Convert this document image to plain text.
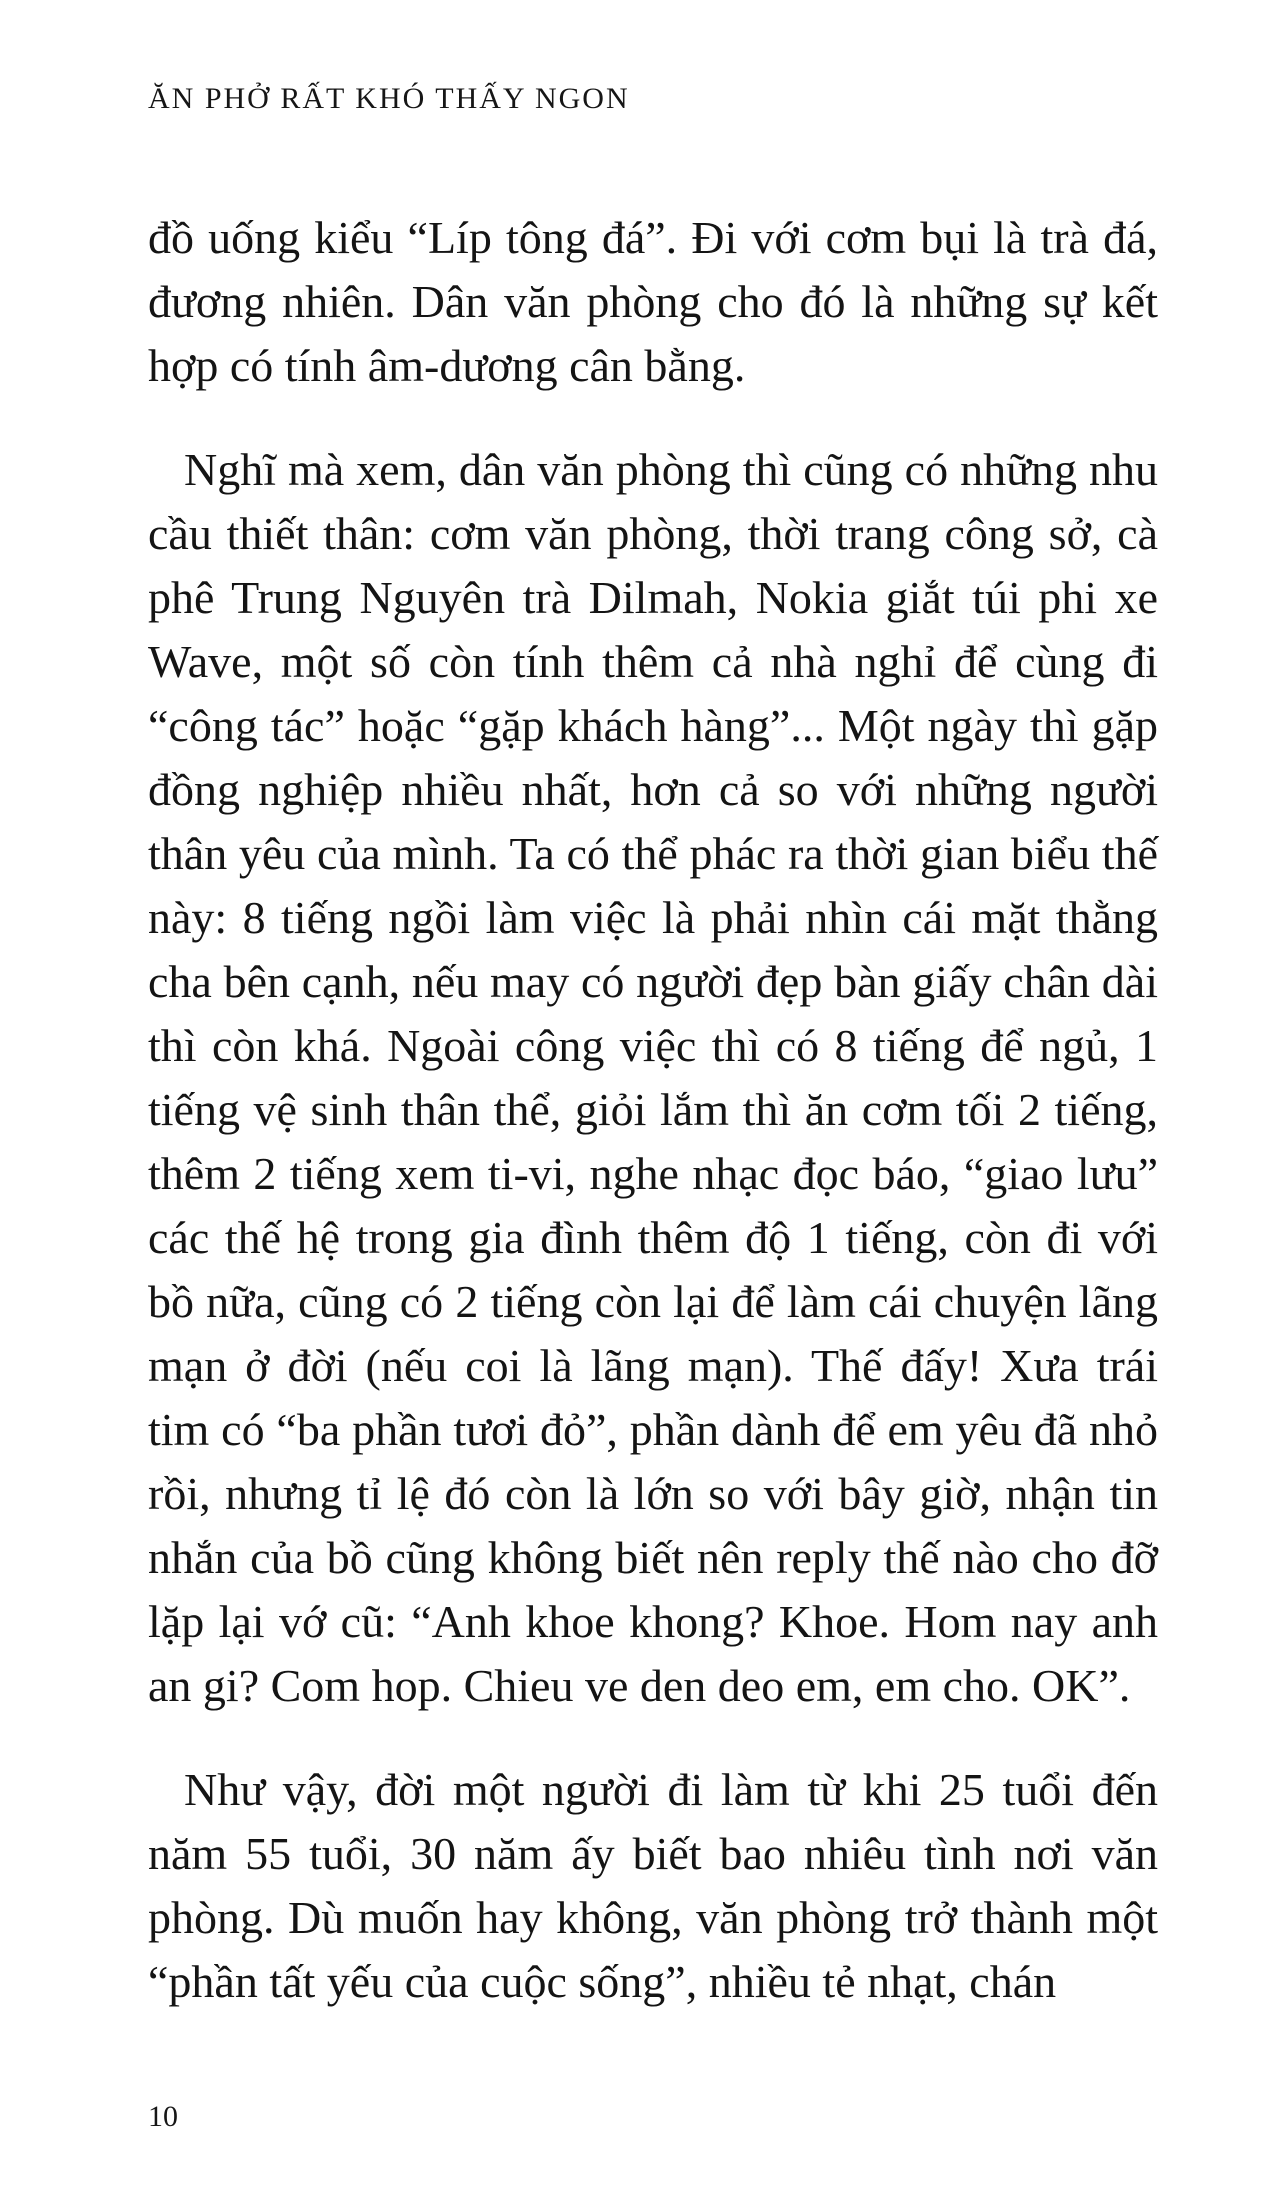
ĂN PHỞ RẤT KHÓ THẤY NGON

đồ uống kiểu “Líp tông đá”. Đi với cơm bụi là trà đá, đương nhiên. Dân văn phòng cho đó là những sự kết hợp có tính âm-dương cân bằng.

Nghĩ mà xem, dân văn phòng thì cũng có những nhu cầu thiết thân: cơm văn phòng, thời trang công sở, cà phê Trung Nguyên trà Dilmah, Nokia giắt túi phi xe Wave, một số còn tính thêm cả nhà nghỉ để cùng đi “công tác” hoặc “gặp khách hàng”... Một ngày thì gặp đồng nghiệp nhiều nhất, hơn cả so với những người thân yêu của mình. Ta có thể phác ra thời gian biểu thế này: 8 tiếng ngồi làm việc là phải nhìn cái mặt thằng cha bên cạnh, nếu may có người đẹp bàn giấy chân dài thì còn khá. Ngoài công việc thì có 8 tiếng để ngủ, 1 tiếng vệ sinh thân thể, giỏi lắm thì ăn cơm tối 2 tiếng, thêm 2 tiếng xem ti-vi, nghe nhạc đọc báo, “giao lưu” các thế hệ trong gia đình thêm độ 1 tiếng, còn đi với bồ nữa, cũng có 2 tiếng còn lại để làm cái chuyện lãng mạn ở đời (nếu coi là lãng mạn). Thế đấy! Xưa trái tim có “ba phần tươi đỏ”, phần dành để em yêu đã nhỏ rồi, nhưng tỉ lệ đó còn là lớn so với bây giờ, nhận tin nhắn của bồ cũng không biết nên reply thế nào cho đỡ lặp lại vớ cũ: “Anh khoe khong? Khoe. Hom nay anh an gi? Com hop. Chieu ve den deo em, em cho. OK”.

Như vậy, đời một người đi làm từ khi 25 tuổi đến năm 55 tuổi, 30 năm ấy biết bao nhiêu tình nơi văn phòng. Dù muốn hay không, văn phòng trở thành một “phần tất yếu của cuộc sống”, nhiều tẻ nhạt, chán

10
